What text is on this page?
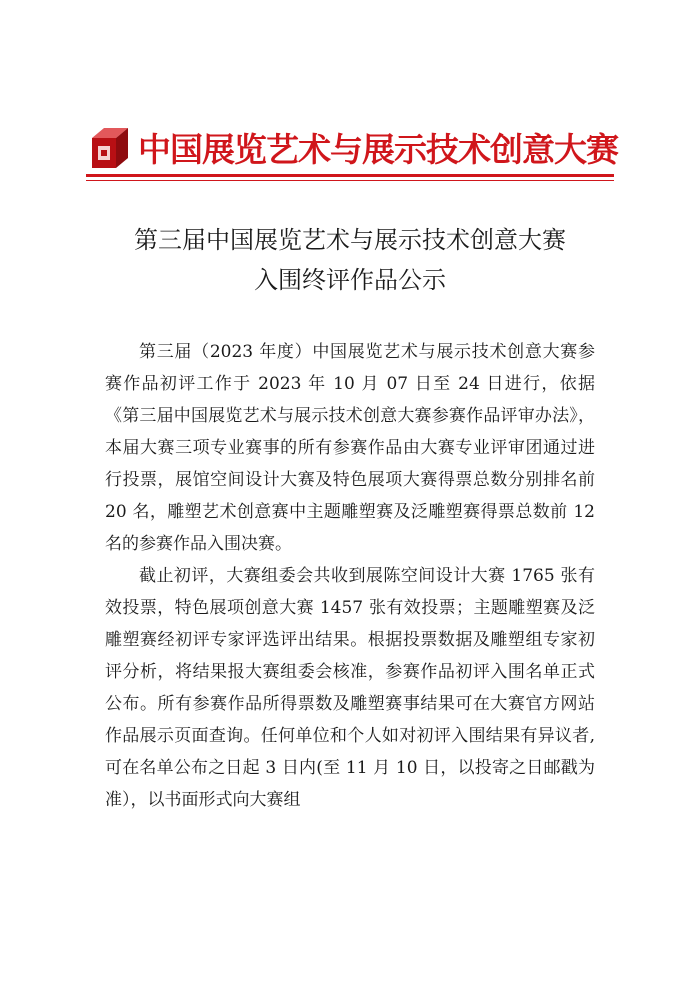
中国展览艺术与展示技术创意大赛
第三届中国展览艺术与展示技术创意大赛
入围终评作品公示

第三届（2023 年度）中国展览艺术与展示技术创意大赛参赛作品初评工作于 2023 年 10 月 07 日至 24 日进行，依据《第三届中国展览艺术与展示技术创意大赛参赛作品评审办法》，本届大赛三项专业赛事的所有参赛作品由大赛专业评审团通过进行投票，展馆空间设计大赛及特色展项大赛得票总数分别排名前 20 名，雕塑艺术创意赛中主题雕塑赛及泛雕塑赛得票总数前 12 名的参赛作品入围决赛。

截止初评，大赛组委会共收到展陈空间设计大赛 1765 张有效投票，特色展项创意大赛 1457 张有效投票；主题雕塑赛及泛雕塑赛经初评专家评选评出结果。根据投票数据及雕塑组专家初评分析，将结果报大赛组委会核准，参赛作品初评入围名单正式公布。所有参赛作品所得票数及雕塑赛事结果可在大赛官方网站作品展示页面查询。任何单位和个人如对初评入围结果有异议者,可在名单公布之日起 3 日内(至 11 月 10 日，以投寄之日邮戳为准），以书面形式向大赛组
